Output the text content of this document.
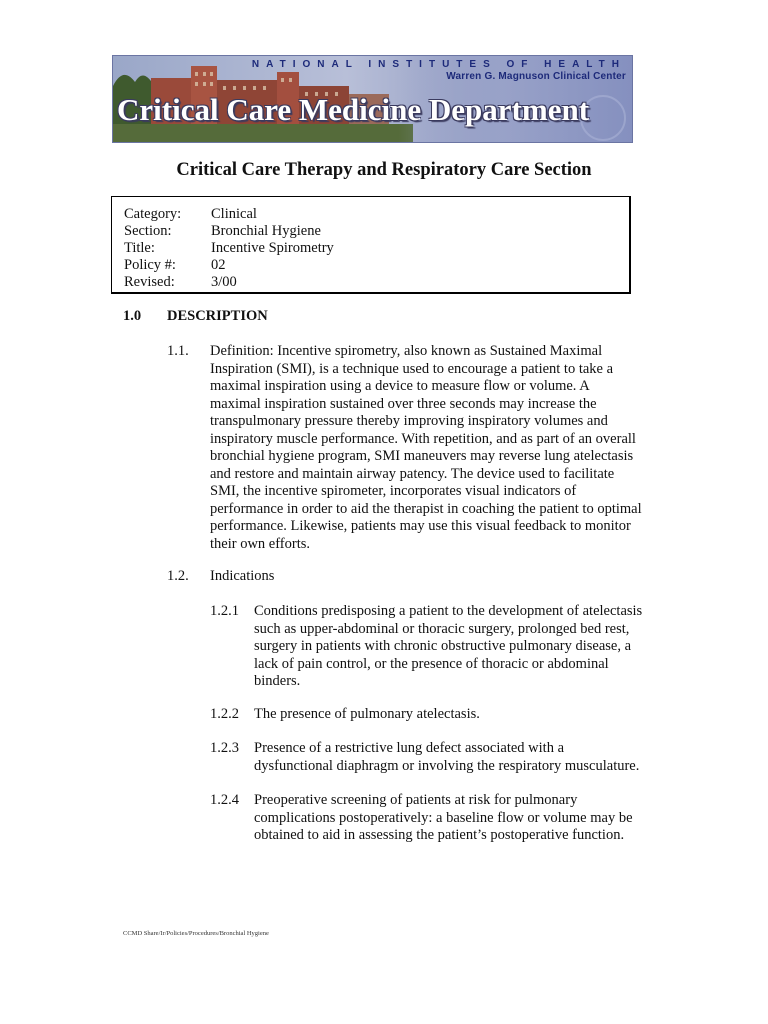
NATIONAL INSTITUTES OF HEALTH
Warren G. Magnuson Clinical Center
Critical Care Medicine Department
Critical Care Therapy and Respiratory Care Section
Category: Clinical
Section:	Bronchial Hygiene
Title:	Incentive Spirometry
Policy #: 02
Revised:	3/00
1.0 DESCRIPTION
1.1. Definition: Incentive spirometry, also known as Sustained Maximal
Inspiration (SMI), is a technique used to encourage a patient to take a
maximal inspiration using a device to measure flow or volume. A
maximal inspiration sustained over three seconds may increase the
transpulmonary pressure thereby improving inspiratory volumes and
inspiratory muscle performance. With repetition, and as part of an overall
bronchial hygiene program, SMI maneuvers may reverse lung atelectasis
and restore and maintain airway patency. The device used to facilitate
SMI, the incentive spirometer, incorporates visual indicators of
performance in order to aid the therapist in coaching the patient to optimal
performance. Likewise, patients may use this visual feedback to monitor
their own efforts.
1.2. Indications
1.2.1 Conditions predisposing a patient to the development of atelectasis
such as upper-abdominal or thoracic surgery, prolonged bed rest,
surgery in patients with chronic obstructive pulmonary disease, a
lack of pain control, or the presence of thoracic or abdominal
binders.
1.2.2 The presence of pulmonary atelectasis.
1.2.3 Presence of a restrictive lung defect associated with a
dysfunctional diaphragm or involving the respiratory musculature.
1.2.4 Preoperative screening of patients at risk for pulmonary
complications postoperatively: a baseline flow or volume may be
obtained to aid in assessing the patient’s postoperative function.
CCMD Share/Ir/Policies/Procedures/Bronchial Hygiene
